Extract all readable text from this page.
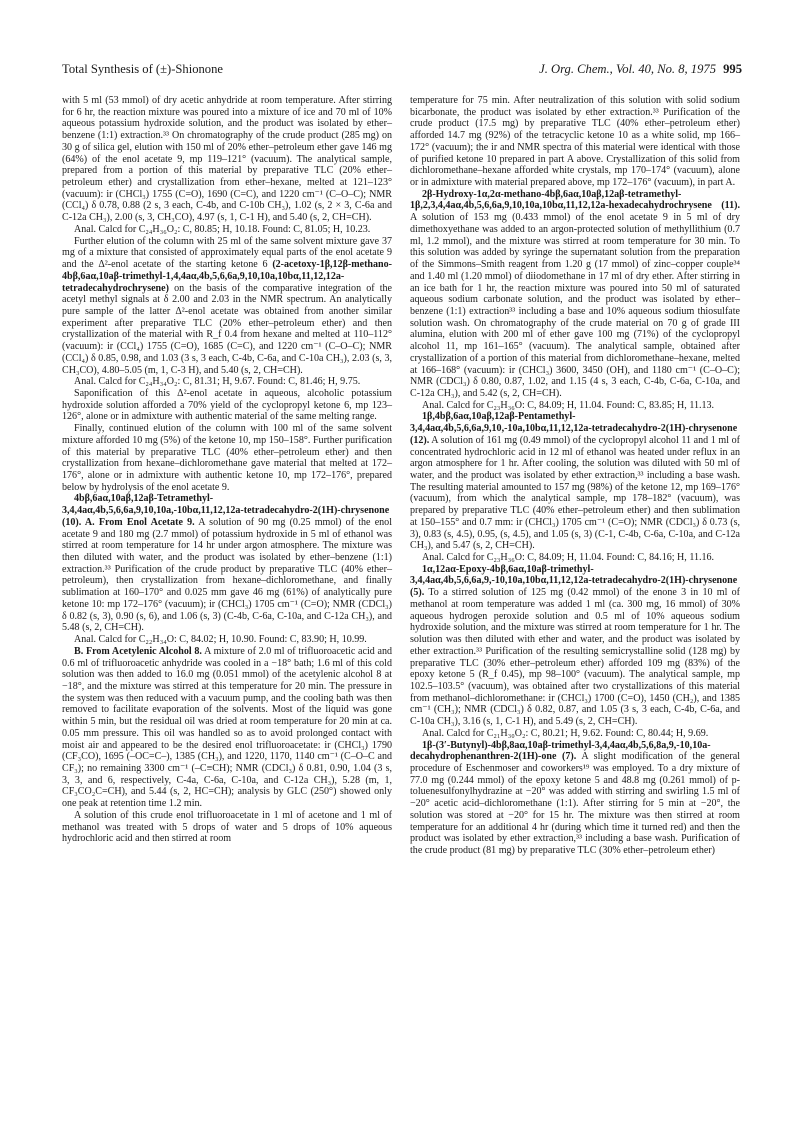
Total Synthesis of (±)-Shionone	J. Org. Chem., Vol. 40, No. 8, 1975 995

with 5 ml (53 mmol) of dry acetic anhydride at room temperature. After stirring for 6 hr, the reaction mixture was poured into a mixture of ice and 70 ml of 10% aqueous potassium hydroxide solution, and the product was isolated by ether–benzene (1:1) extraction.³³ On chromatography of the crude product (285 mg) on 30 g of silica gel, elution with 150 ml of 20% ether–petroleum ether gave 146 mg (64%) of the enol acetate 9, mp 119–121° (vacuum). The analytical sample, prepared from a portion of this material by preparative TLC (20% ether–petroleum ether) and crystallization from ether–hexane, melted at 121–123° (vacuum): ir (CHCl₃) 1755 (C=O), 1690 (C=C), and 1220 cm⁻¹ (C–O–C); NMR (CCl₄) δ 0.78, 0.88 (2 s, 3 each, C-4b, and C-10b CH₃), 1.02 (s, 2 × 3, C-6a and C-12a CH₃), 2.00 (s, 3, CH₃CO), 4.97 (s, 1, C-1 H), and 5.40 (s, 2, CH=CH).

Anal. Calcd for C₂₄H₃₆O₂: C, 80.85; H, 10.18. Found: C, 81.05; H, 10.23.

Further elution of the column with 25 ml of the same solvent mixture gave 37 mg of a mixture that consisted of approximately equal parts of the enol acetate 9 and the Δ²-enol acetate of the starting ketone 6 (2-acetoxy-1β,12β-methano-4bβ,6aα,10aβ-trimethyl-1,4,4aα,4b,5,6,6a,9,10,10a,10bα,11,12,12a-tetradecahydrochrysene) on the basis of the comparative integration of the acetyl methyl signals at δ 2.00 and 2.03 in the NMR spectrum. An analytically pure sample of the latter Δ²-enol acetate was obtained from another similar experiment after preparative TLC (20% ether–petroleum ether) and then crystallization of the material with R_f 0.4 from hexane and melted at 110–112° (vacuum): ir (CCl₄) 1755 (C=O), 1685 (C=C), and 1220 cm⁻¹ (C–O–C); NMR (CCl₄) δ 0.85, 0.98, and 1.03 (3 s, 3 each, C-4b, C-6a, and C-10a CH₃), 2.03 (s, 3, CH₃CO), 4.80–5.05 (m, 1, C-3 H), and 5.40 (s, 2, CH=CH).

Anal. Calcd for C₂₄H₃₄O₂: C, 81.31; H, 9.67. Found: C, 81.46; H, 9.75.

Saponification of this Δ²-enol acetate in aqueous, alcoholic potassium hydroxide solution afforded a 70% yield of the cyclopropyl ketone 6, mp 123–126°, alone or in admixture with authentic material of the same melting range.

Finally, continued elution of the column with 100 ml of the same solvent mixture afforded 10 mg (5%) of the ketone 10, mp 150–158°. Further purification of this material by preparative TLC (40% ether–petroleum ether) and then crystallization from hexane–dichloromethane gave material that melted at 172–176°, alone or in admixture with authentic ketone 10, mp 172–176°, prepared below by hydrolysis of the enol acetate 9.

4bβ,6aα,10aβ,12aβ-Tetramethyl-3,4,4aα,4b,5,6,6a,9,10,10a,-10bα,11,12,12a-tetradecahydro-2(1H)-chrysenone (10). A. From Enol Acetate 9. A solution of 90 mg (0.25 mmol) of the enol acetate 9 and 180 mg (2.7 mmol) of potassium hydroxide in 5 ml of ethanol was stirred at room temperature for 14 hr under argon atmosphere. The mixture was then diluted with water, and the product was isolated by ether–benzene (1:1) extraction.³³ Purification of the crude product by preparative TLC (40% ether–petroleum), then crystallization from hexane–dichloromethane, and finally sublimation at 160–170° and 0.025 mm gave 46 mg (61%) of analytically pure ketone 10: mp 172–176° (vacuum); ir (CHCl₃) 1705 cm⁻¹ (C=O); NMR (CDCl₃) δ 0.82 (s, 3), 0.90 (s, 6), and 1.06 (s, 3) (C-4b, C-6a, C-10a, and C-12a CH₃), and 5.48 (s, 2, CH=CH).

Anal. Calcd for C₂₂H₃₄O: C, 84.02; H, 10.90. Found: C, 83.90; H, 10.99.

B. From Acetylenic Alcohol 8. A mixture of 2.0 ml of trifluoroacetic acid and 0.6 ml of trifluoroacetic anhydride was cooled in a −18° bath; 1.6 ml of this cold solution was then added to 16.0 mg (0.051 mmol) of the acetylenic alcohol 8 at −18°, and the mixture was stirred at this temperature for 20 min. The pressure in the system was then reduced with a vacuum pump, and the cooling bath was then removed to facilitate evaporation of the solvents. Most of the liquid was gone within 5 min, but the residual oil was dried at room temperature for 20 min at ca. 0.05 mm pressure. This oil was handled so as to avoid prolonged contact with moist air and appeared to be the desired enol trifluoroacetate: ir (CHCl₃) 1790 (CF₃CO), 1695 (–OC=C–), 1385 (CH₃), and 1220, 1170, 1140 cm⁻¹ (C–O–C and CF₃); no remaining 3300 cm⁻¹ (–C≡CH); NMR (CDCl₃) δ 0.81, 0.90, 1.04 (3 s, 3, 3, and 6, respectively, C-4a, C-6a, C-10a, and C-12a CH₃), 5.28 (m, 1, CF₃CO₂C=CH), and 5.44 (s, 2, HC=CH); analysis by GLC (250°) showed only one peak at retention time 1.2 min.

A solution of this crude enol trifluoroacetate in 1 ml of acetone and 1 ml of methanol was treated with 5 drops of water and 5 drops of 10% aqueous hydrochloric acid and then stirred at room

temperature for 75 min. After neutralization of this solution with solid sodium bicarbonate, the product was isolated by ether extraction.³³ Purification of the crude product (17.5 mg) by preparative TLC (40% ether–petroleum ether) afforded 14.7 mg (92%) of the tetracyclic ketone 10 as a white solid, mp 166–172° (vacuum); the ir and NMR spectra of this material were identical with those of purified ketone 10 prepared in part A above. Crystallization of this solid from dichloromethane–hexane afforded white crystals, mp 170–174° (vacuum), alone or in admixture with material prepared above, mp 172–176° (vacuum), in part A.

2β-Hydroxy-1α,2α-methano-4bβ,6aα,10aβ,12aβ-tetramethyl-1β,2,3,4,4aα,4b,5,6,6a,9,10,10a,10bα,11,12,12a-hexadecahydrochrysene (11). A solution of 153 mg (0.433 mmol) of the enol acetate 9 in 5 ml of dry dimethoxyethane was added to an argon-protected solution of methyllithium (0.7 ml, 1.2 mmol), and the mixture was stirred at room temperature for 30 min. To this solution was added by syringe the supernatant solution from the preparation of the Simmons–Smith reagent from 1.20 g (17 mmol) of zinc–copper couple³⁴ and 1.40 ml (1.20 mmol) of diiodomethane in 17 ml of dry ether. After stirring in an ice bath for 1 hr, the reaction mixture was poured into 50 ml of saturated aqueous sodium carbonate solution, and the product was isolated by ether–benzene (1:1) extraction³³ including a base and 10% aqueous sodium thiosulfate solution wash. On chromatography of the crude material on 70 g of grade III alumina, elution with 200 ml of ether gave 100 mg (71%) of the cyclopropyl alcohol 11, mp 161–165° (vacuum). The analytical sample, obtained after crystallization of a portion of this material from dichloromethane–hexane, melted at 166–168° (vacuum): ir (CHCl₃) 3600, 3450 (OH), and 1180 cm⁻¹ (C–O–C); NMR (CDCl₃) δ 0.80, 0.87, 1.02, and 1.15 (4 s, 3 each, C-4b, C-6a, C-10a, and C-12a CH₃), and 5.42 (s, 2, CH=CH).

Anal. Calcd for C₂₃H₃₆O: C, 84.09; H, 11.04. Found: C, 83.85; H, 11.13.

1β,4bβ,6aα,10aβ,12aβ-Pentamethyl-3,4,4aα,4b,5,6,6a,9,10,-10a,10bα,11,12,12a-tetradecahydro-2(1H)-chrysenone (12). A solution of 161 mg (0.49 mmol) of the cyclopropyl alcohol 11 and 1 ml of concentrated hydrochloric acid in 12 ml of ethanol was heated under reflux in an argon atmosphere for 1 hr. After cooling, the solution was diluted with 50 ml of water, and the product was isolated by ether extraction,³³ including a base wash. The resulting material amounted to 157 mg (98%) of the ketone 12, mp 169–176° (vacuum), from which the analytical sample, mp 178–182° (vacuum), was prepared by preparative TLC (40% ether–petroleum ether) and then sublimation at 150–155° and 0.7 mm: ir (CHCl₃) 1705 cm⁻¹ (C=O); NMR (CDCl₃) δ 0.73 (s, 3), 0.83 (s, 4.5), 0.95, (s, 4.5), and 1.05 (s, 3) (C-1, C-4b, C-6a, C-10a, and C-12a CH₃), and 5.47 (s, 2, CH=CH).

Anal. Calcd for C₂₃H₃₆O: C, 84.09; H, 11.04. Found: C, 84.16; H, 11.16.

1α,12aα-Epoxy-4bβ,6aα,10aβ-trimethyl-3,4,4aα,4b,5,6,6a,9,-10,10a,10bα,11,12,12a-tetradecahydro-2(1H)-chrysenone (5). To a stirred solution of 125 mg (0.42 mmol) of the enone 3 in 10 ml of methanol at room temperature was added 1 ml (ca. 300 mg, 16 mmol) of 30% aqueous hydrogen peroxide solution and 0.5 ml of 10% aqueous sodium hydroxide solution, and the mixture was stirred at room temperature for 1 hr. The solution was then diluted with ether and water, and the product was isolated by ether extraction.³³ Purification of the resulting semicrystalline solid (128 mg) by preparative TLC (30% ether–petroleum ether) afforded 109 mg (83%) of the epoxy ketone 5 (R_f 0.45), mp 98–100° (vacuum). The analytical sample, mp 102.5–103.5° (vacuum), was obtained after two crystallizations of this material from methanol–dichloromethane: ir (CHCl₃) 1700 (C=O), 1450 (CH₂), and 1385 cm⁻¹ (CH₃); NMR (CDCl₃) δ 0.82, 0.87, and 1.05 (3 s, 3 each, C-4b, C-6a, and C-10a CH₃), 3.16 (s, 1, C-1 H), and 5.49 (s, 2, CH=CH).

Anal. Calcd for C₂₁H₃₀O₂: C, 80.21; H, 9.62. Found: C, 80.44; H, 9.69.

1β-(3′-Butynyl)-4bβ,8aα,10aβ-trimethyl-3,4,4aα,4b,5,6,8a,9,-10,10a-decahydrophenanthren-2(1H)-one (7). A slight modification of the general procedure of Eschenmoser and coworkers¹⁹ was employed. To a dry mixture of 77.0 mg (0.244 mmol) of the epoxy ketone 5 and 48.8 mg (0.261 mmol) of p-toluenesulfonylhydrazine at −20° was added with stirring and swirling 1.5 ml of −20° acetic acid–dichloromethane (1:1). After stirring for 5 min at −20°, the solution was stored at −20° for 15 hr. The mixture was then stirred at room temperature for an additional 4 hr (during which time it turned red) and then the product was isolated by ether extraction,³³ including a base wash. Purification of the crude product (81 mg) by preparative TLC (30% ether–petroleum ether)
